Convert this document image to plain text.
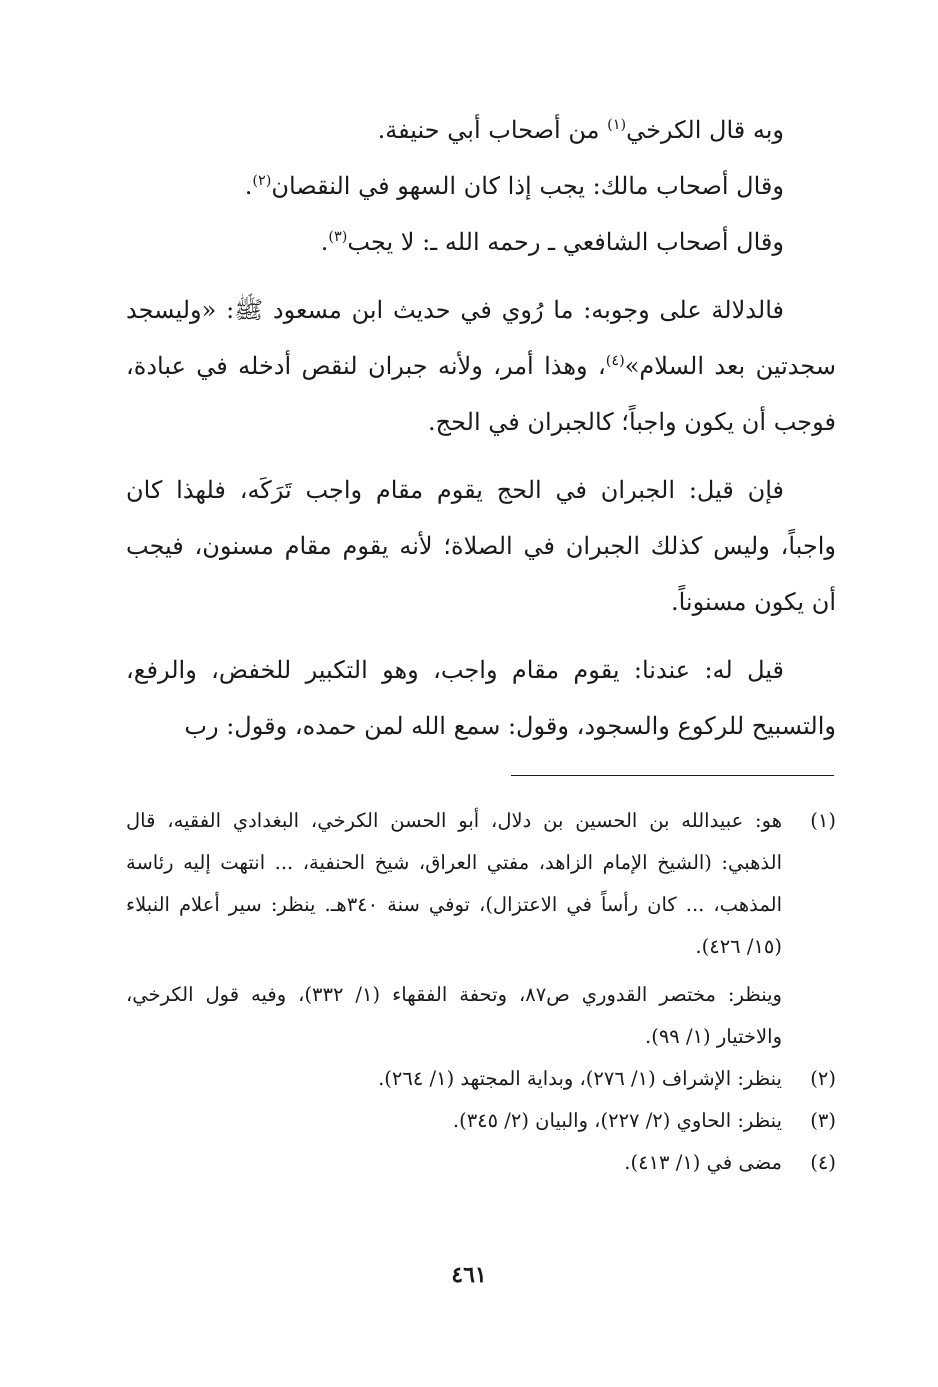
وبه قال الكرخي$^{(١)}$ من أصحاب أبي حنيفة.

وقال أصحاب مالك: يجب إذا كان السهو في النقصان$^{(٢)}$.

وقال أصحاب الشافعي ـ رحمه الله ـ: لا يجب$^{(٣)}$.

فالدلالة على وجوبه: ما رُوي في حديث ابن مسعود ﷺ: «وليسجد سجدتين بعد السلام»$^{(٤)}$، وهذا أمر، ولأنه جبران لنقص أدخله في عبادة، فوجب أن يكون واجباً؛ كالجبران في الحج.

فإن قيل: الجبران في الحج يقوم مقام واجب تَرَكَه، فلهذا كان واجباً، وليس كذلك الجبران في الصلاة؛ لأنه يقوم مقام مسنون، فيجب أن يكون مسنوناً.

قيل له: عندنا: يقوم مقام واجب، وهو التكبير للخفض، والرفع، والتسبيح للركوع والسجود، وقول: سمع الله لمن حمده، وقول: رب

(١)
هو: عبيدالله بن الحسين بن دلال، أبو الحسن الكرخي، البغدادي الفقيه، قال الذهبي: (الشيخ الإمام الزاهد، مفتي العراق، شيخ الحنفية، ... انتهت إليه رئاسة المذهب، ... كان رأساً في الاعتزال)، توفي سنة ٣٤٠هـ. ينظر: سير أعلام النبلاء (١٥/ ٤٢٦).
وينظر: مختصر القدوري ص٨٧، وتحفة الفقهاء (١/ ٣٣٢)، وفيه قول الكرخي، والاختيار (١/ ٩٩).
(٢)
ينظر: الإشراف (١/ ٢٧٦)، وبداية المجتهد (١/ ٢٦٤).
(٣)
ينظر: الحاوي (٢/ ٢٢٧)، والبيان (٢/ ٣٤٥).
(٤)
مضى في (١/ ٤١٣).
٤٦١
